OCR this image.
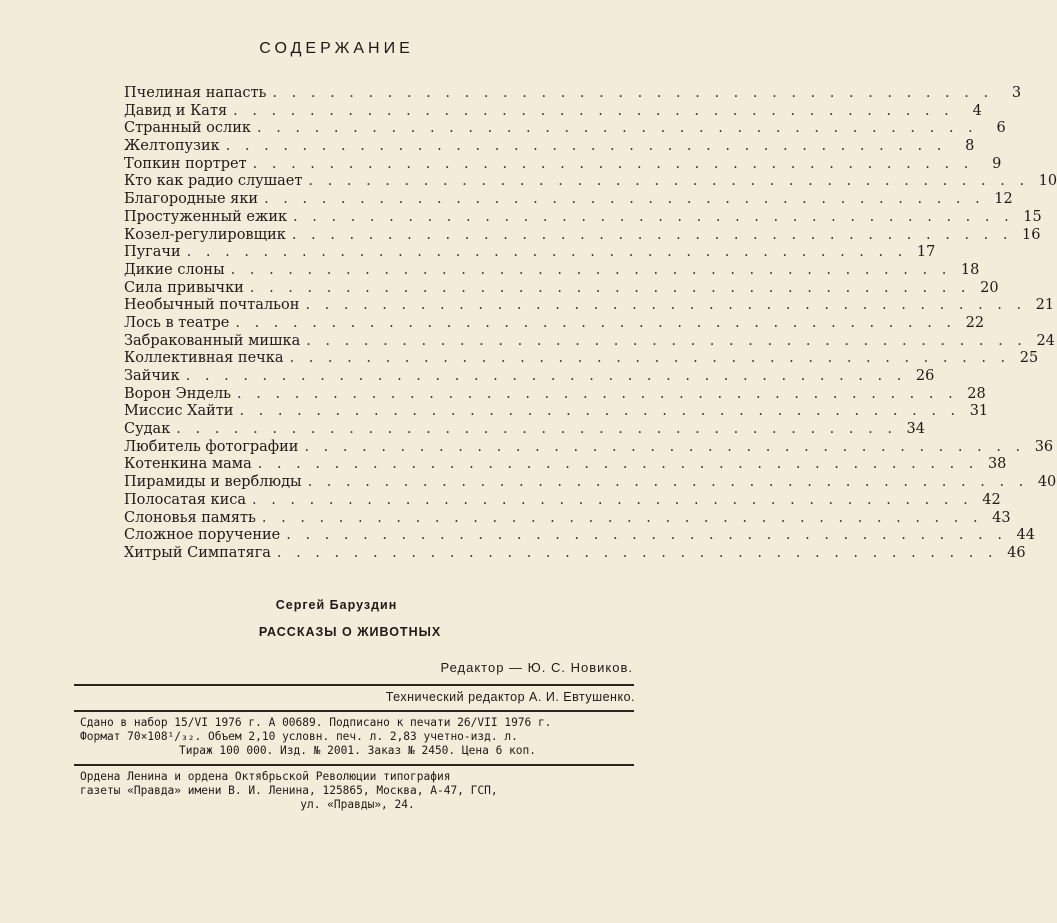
СОДЕРЖАНИЕ
Пчелиная напасть . . . . . . . . . . . . . . . . . . . . . . . . . . . . . . . . . . . . . .	3
Давид и Катя . . . . . . . . . . . . . . . . . . . . . . . . . . . . . . . . . . . . . .	4
Странный ослик . . . . . . . . . . . . . . . . . . . . . . . . . . . . . . . . . . . . . .	6
Желтопузик . . . . . . . . . . . . . . . . . . . . . . . . . . . . . . . . . . . . . .	8
Топкин портрет . . . . . . . . . . . . . . . . . . . . . . . . . . . . . . . . . . . . . .	9
Кто как радио слушает . . . . . . . . . . . . . . . . . . . . . . . . . . . . . . . . . . . . . . 10
Благородные яки . . . . . . . . . . . . . . . . . . . . . . . . . . . . . . . . . . . . . . 12
Простуженный ежик . . . . . . . . . . . . . . . . . . . . . . . . . . . . . . . . . . . . . . 15
Козел-регулировщик . . . . . . . . . . . . . . . . . . . . . . . . . . . . . . . . . . . . . . 16
Пугачи . . . . . . . . . . . . . . . . . . . . . . . . . . . . . . . . . . . . . . 17
Дикие слоны . . . . . . . . . . . . . . . . . . . . . . . . . . . . . . . . . . . . . . 18
Сила привычки . . . . . . . . . . . . . . . . . . . . . . . . . . . . . . . . . . . . . . 20
Необычный почтальон . . . . . . . . . . . . . . . . . . . . . . . . . . . . . . . . . . . . . . 21
Лось в театре . . . . . . . . . . . . . . . . . . . . . . . . . . . . . . . . . . . . . . 22
Забракованный мишка . . . . . . . . . . . . . . . . . . . . . . . . . . . . . . . . . . . . . . 24
Коллективная печка . . . . . . . . . . . . . . . . . . . . . . . . . . . . . . . . . . . . . . 25
Зайчик . . . . . . . . . . . . . . . . . . . . . . . . . . . . . . . . . . . . . . 26
Ворон Эндель . . . . . . . . . . . . . . . . . . . . . . . . . . . . . . . . . . . . . . 28
Миссис Хайти . . . . . . . . . . . . . . . . . . . . . . . . . . . . . . . . . . . . . . 31
Судак . . . . . . . . . . . . . . . . . . . . . . . . . . . . . . . . . . . . . . 34
Любитель фотографии . . . . . . . . . . . . . . . . . . . . . . . . . . . . . . . . . . . . . . 36
Котенкина мама . . . . . . . . . . . . . . . . . . . . . . . . . . . . . . . . . . . . . . 38
Пирамиды и верблюды . . . . . . . . . . . . . . . . . . . . . . . . . . . . . . . . . . . . . . 40
Полосатая киса . . . . . . . . . . . . . . . . . . . . . . . . . . . . . . . . . . . . . . 42
Слоновья память . . . . . . . . . . . . . . . . . . . . . . . . . . . . . . . . . . . . . . 43
Сложное поручение . . . . . . . . . . . . . . . . . . . . . . . . . . . . . . . . . . . . . . 44
Хитрый Симпатяга . . . . . . . . . . . . . . . . . . . . . . . . . . . . . . . . . . . . . . 46
Сергей Баруздин
РАССКАЗЫ О ЖИВОТНЫХ
Редактор — Ю. С. Новиков.
Технический редактор А. И. Евтушенко.
Сдано в набор 15/VI 1976 г. А 00689. Подписано к печати 26/VII 1976 г.
Формат 70×108¹/₃₂. Объем 2,10 условн. печ. л. 2,83 учетно-изд. л.
Тираж 100 000. Изд. № 2001. Заказ № 2450. Цена 6 коп.
Ордена Ленина и ордена Октябрьской Революции типография
газеты «Правда» имени В. И. Ленина, 125865, Москва, А-47, ГСП,
ул. «Правды», 24.
